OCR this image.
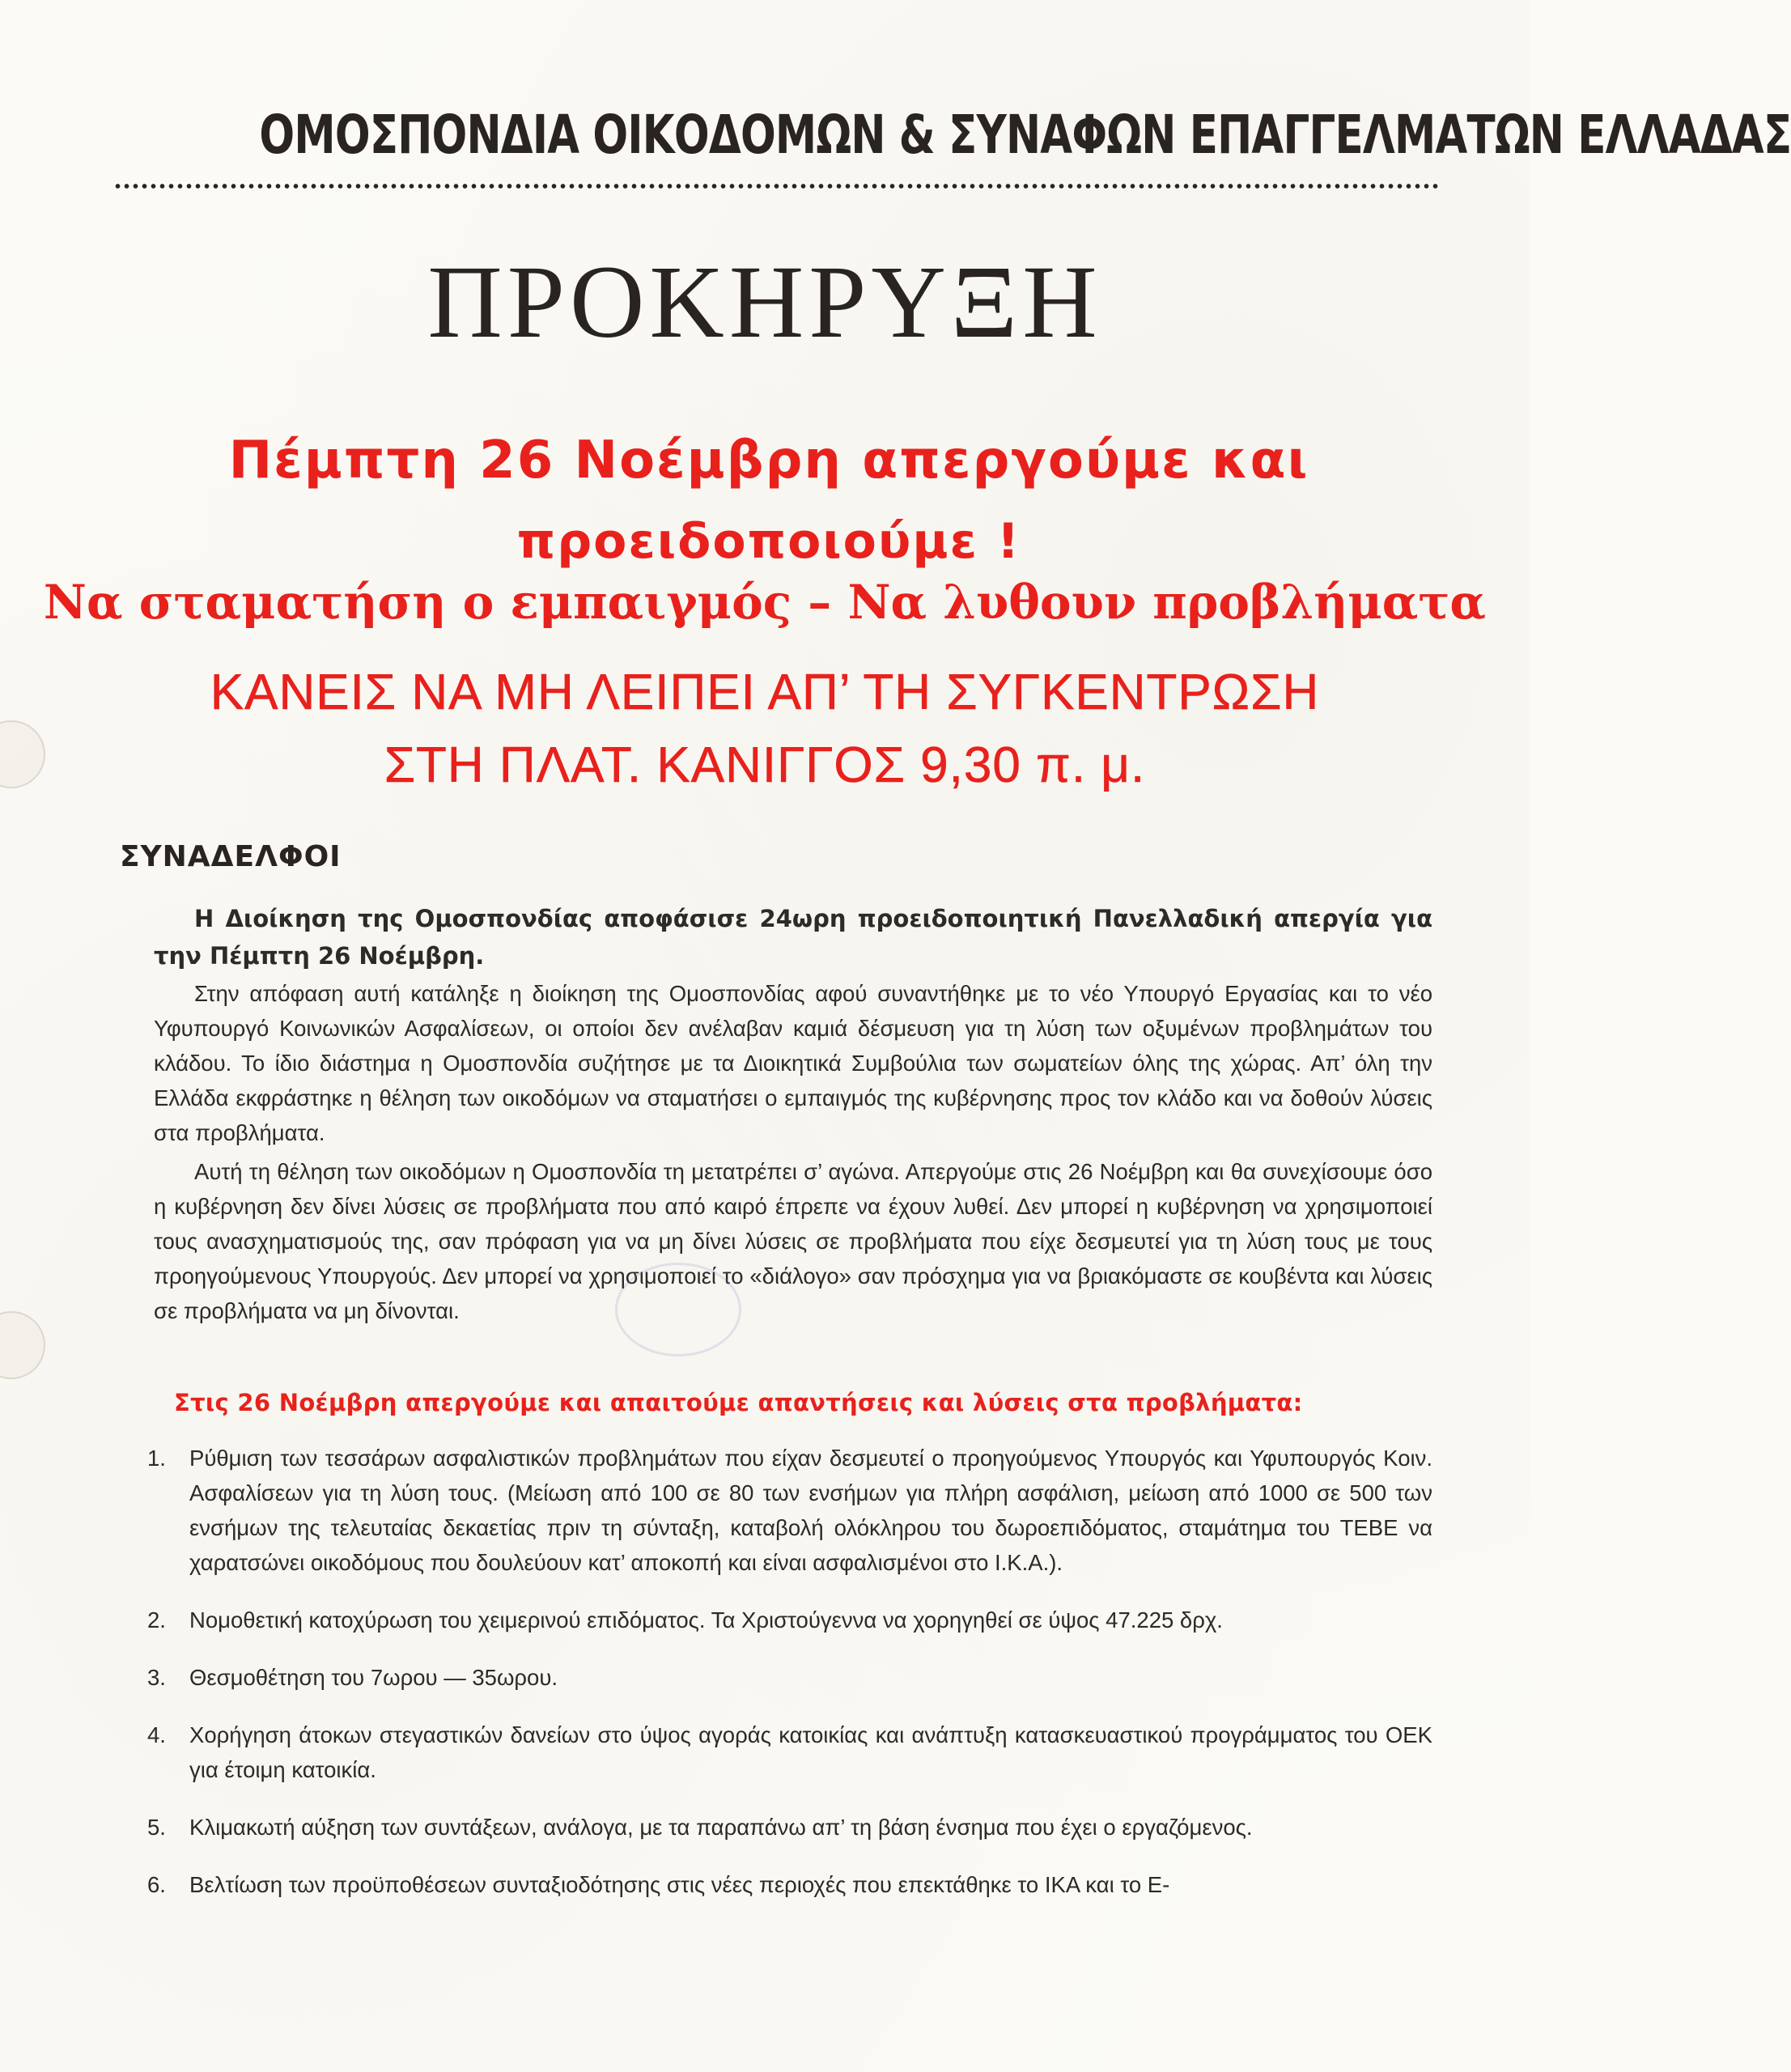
ΟΜΟΣΠΟΝΔΙΑ ΟΙΚΟΔΟΜΩΝ & ΣΥΝΑΦΩΝ ΕΠΑΓΓΕΛΜΑΤΩΝ ΕΛΛΑΔΑΣ
ΠΡΟΚΗΡΥΞΗ
Πέμπτη 26 Νοέμβρη απεργούμε και
προειδοποιούμε !
Να σταματήση ο εμπαιγμός – Να λυθουν προβλήματα
ΚΑΝΕΙΣ ΝΑ ΜΗ ΛΕΙΠΕΙ ΑΠ’ ΤΗ ΣΥΓΚΕΝΤΡΩΣΗ
ΣΤΗ ΠΛΑΤ. ΚΑΝΙΓΓΟΣ 9,30 π. μ.
ΣΥΝΑΔΕΛΦΟΙ
Η Διοίκηση της Ομοσπονδίας αποφάσισε 24ωρη προειδοποιητική Πανελλαδική απεργία για την Πέμπτη 26 Νοέμβρη.
Στην απόφαση αυτή κατάληξε η διοίκηση της Ομοσπονδίας αφού συναντήθηκε με το νέο Υπουργό Εργασίας και το νέο Υφυπουργό Κοινωνικών Ασφαλίσεων, οι οποίοι δεν ανέλαβαν καμιά δέσμευση για τη λύση των οξυμένων προβλημάτων του κλάδου. Το ίδιο διάστημα η Ομοσπονδία συζήτησε με τα Διοικητικά Συμβούλια των σωματείων όλης της χώρας. Απ’ όλη την Ελλάδα εκφράστηκε η θέληση των οικοδόμων να σταματήσει ο εμπαιγμός της κυβέρνησης προς τον κλάδο και να δοθούν λύσεις στα προβλήματα.
Αυτή τη θέληση των οικοδόμων η Ομοσπονδία τη μετατρέπει σ’ αγώνα. Απεργούμε στις 26 Νοέμβρη και θα συνεχίσουμε όσο η κυβέρνηση δεν δίνει λύσεις σε προβλήματα που από καιρό έπρεπε να έχουν λυθεί. Δεν μπορεί η κυβέρνηση να χρησιμοποιεί τους ανασχηματισμούς της, σαν πρόφαση για να μη δίνει λύσεις σε προβλήματα που είχε δεσμευτεί για τη λύση τους με τους προηγούμενους Υπουργούς. Δεν μπορεί να χρησιμοποιεί το «διάλογο» σαν πρόσχημα για να βριακόμαστε σε κουβέντα και λύσεις σε προβλήματα να μη δίνονται.
Στις 26 Νοέμβρη απεργούμε και απαιτούμε απαντήσεις και λύσεις στα προβλήματα:
1. Ρύθμιση των τεσσάρων ασφαλιστικών προβλημάτων που είχαν δεσμευτεί ο προηγούμενος Υπουργός και Υφυπουργός Κοιν. Ασφαλίσεων για τη λύση τους. (Μείωση από 100 σε 80 των ενσήμων για πλήρη ασφάλιση, μείωση από 1000 σε 500 των ενσήμων της τελευταίας δεκαετίας πριν τη σύνταξη, καταβολή ολόκληρου του δωροεπιδόματος, σταμάτημα του ΤΕΒΕ να χαρατσώνει οικοδόμους που δουλεύουν κατ’ αποκοπή και είναι ασφαλισμένοι στο Ι.Κ.Α.).
2. Νομοθετική κατοχύρωση του χειμερινού επιδόματος. Τα Χριστούγεννα να χορηγηθεί σε ύψος 47.225 δρχ.
3. Θεσμοθέτηση του 7ωρου — 35ωρου.
4. Χορήγηση άτοκων στεγαστικών δανείων στο ύψος αγοράς κατοικίας και ανάπτυξη κατασκευαστικού προγράμματος του ΟΕΚ για έτοιμη κατοικία.
5. Κλιμακωτή αύξηση των συντάξεων, ανάλογα, με τα παραπάνω απ’ τη βάση ένσημα που έχει ο εργαζόμενος.
6. Βελτίωση των προϋποθέσεων συνταξιοδότησης στις νέες περιοχές που επεκτάθηκε το ΙΚΑ και το Ε-
